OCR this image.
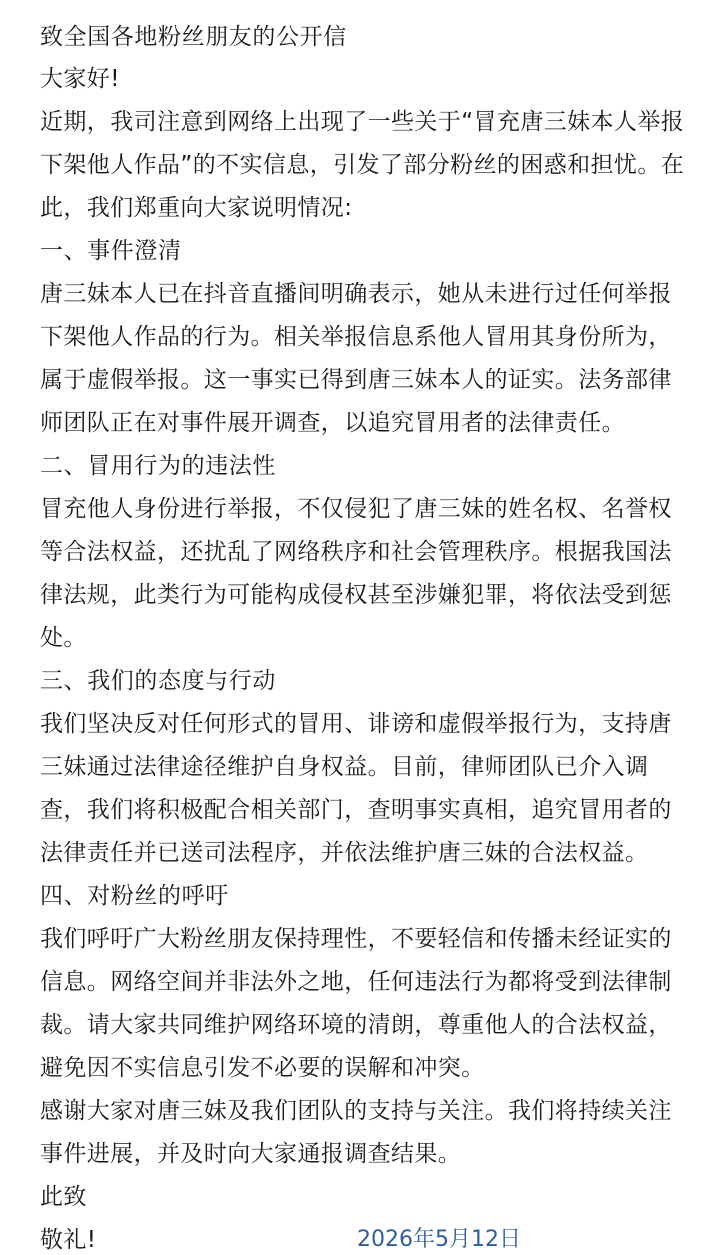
致全国各地粉丝朋友的公开信
大家好!
近期，我司注意到网络上出现了一些关于“冒充唐三妹本人举报
下架他人作品”的不实信息，引发了部分粉丝的困惑和担忧。在
此，我们郑重向大家说明情况:
一、事件澄清
唐三妹本人已在抖音直播间明确表示，她从未进行过任何举报
下架他人作品的行为。相关举报信息系他人冒用其身份所为，
属于虚假举报。这一事实已得到唐三妹本人的证实。法务部律
师团队正在对事件展开调查，以追究冒用者的法律责任。
二、冒用行为的违法性
冒充他人身份进行举报，不仅侵犯了唐三妹的姓名权、名誉权
等合法权益，还扰乱了网络秩序和社会管理秩序。根据我国法
律法规，此类行为可能构成侵权甚至涉嫌犯罪，将依法受到惩
处。
三、我们的态度与行动
我们坚决反对任何形式的冒用、诽谤和虚假举报行为，支持唐
三妹通过法律途径维护自身权益。目前，律师团队已介入调
查，我们将积极配合相关部门，查明事实真相，追究冒用者的
法律责任并已送司法程序，并依法维护唐三妹的合法权益。
四、对粉丝的呼吁
我们呼吁广大粉丝朋友保持理性，不要轻信和传播未经证实的
信息。网络空间并非法外之地，任何违法行为都将受到法律制
裁。请大家共同维护网络环境的清朗，尊重他人的合法权益，
避免因不实信息引发不必要的误解和冲突。
感谢大家对唐三妹及我们团队的支持与关注。我们将持续关注
事件进展，并及时向大家通报调查结果。
此致
敬礼!	2026年5月12日
